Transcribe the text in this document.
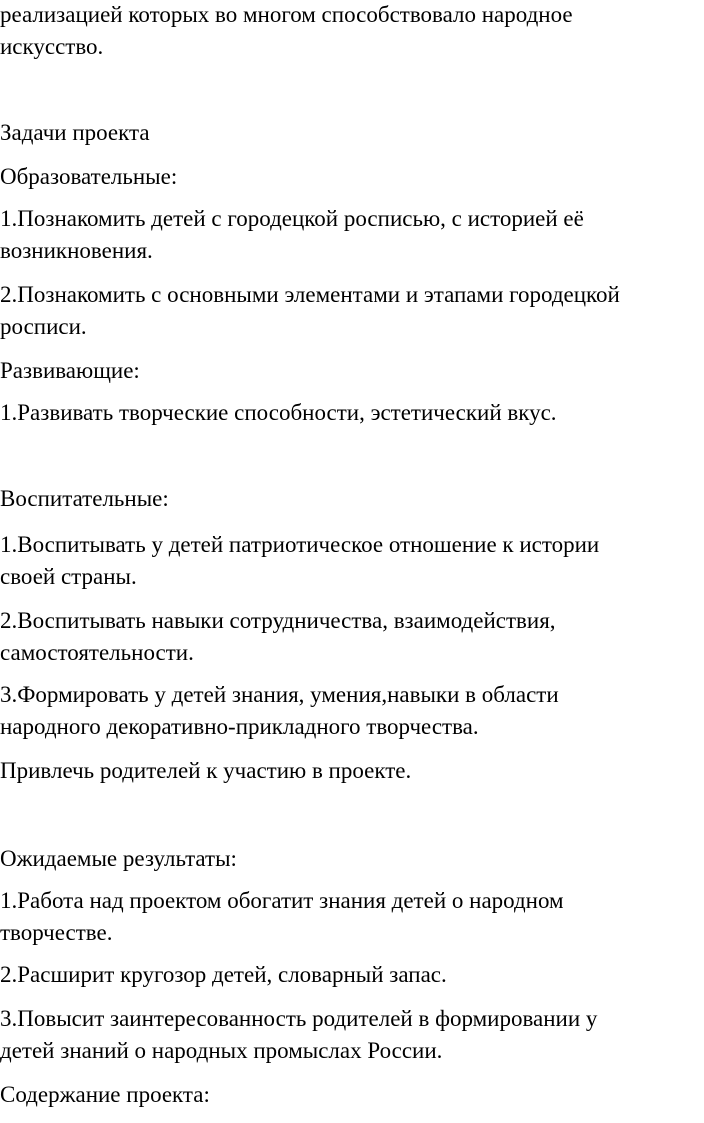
реализацией которых во многом способствовало народное
искусство.
Задачи проекта
Образовательные:
1.Познакомить детей с городецкой росписью, с историей её
возникновения.
2.Познакомить с основными элементами и этапами городецкой
росписи.
Развивающие:
1.Развивать творческие способности, эстетический вкус.
Воспитательные:
1.Воспитывать у детей патриотическое отношение к истории
своей страны.
2.Воспитывать навыки сотрудничества, взаимодействия,
самостоятельности.
3.Формировать у детей знания, умения,навыки в области
народного декоративно-прикладного творчества.
Привлечь родителей к участию в проекте.
Ожидаемые результаты:
1.Работа над проектом обогатит знания детей о народном
творчестве.
2.Расширит кругозор детей, словарный запас.
3.Повысит заинтересованность родителей в формировании у
детей знаний о народных промыслах России.
Содержание проекта:
